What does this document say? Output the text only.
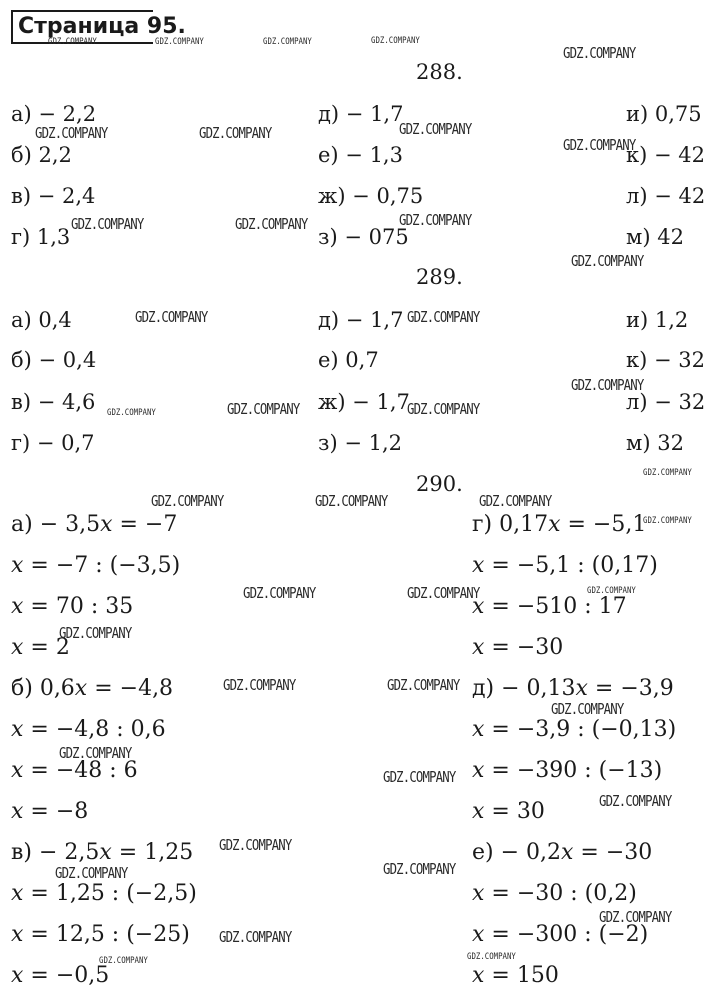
Страница 95.
288.
а) − 2,2	д) − 1,7	и) 0,75
б) 2,2	е) − 1,3	к) − 42
в) − 2,4	ж) − 0,75	л) − 42
г) 1,3	з) − 075	м) 42
289.
а) 0,4	д) − 1,7	и) 1,2
б) − 0,4	е) 0,7	к) − 32
в) − 4,6	ж) − 1,7	л) − 32
г) − 0,7	з) − 1,2	м) 32
290.
а) − 3,5𝑥 = −7
𝑥 = −7 : (−3,5)
𝑥 = 70 : 35
𝑥 = 2
б) 0,6𝑥 = −4,8
𝑥 = −4,8 : 0,6
𝑥 = −48 : 6
𝑥 = −8
в) − 2,5𝑥 = 1,25
𝑥 = 1,25 : (−2,5)
𝑥 = 12,5 : (−25)
𝑥 = −0,5
г) 0,17𝑥 = −5,1
𝑥 = −5,1 : (0,17)
𝑥 = −510 : 17
𝑥 = −30
д) − 0,13𝑥 = −3,9
𝑥 = −3,9 : (−0,13)
𝑥 = −390 : (−13)
𝑥 = 30
е) − 0,2𝑥 = −30
𝑥 = −30 : (0,2)
𝑥 = −300 : (−2)
𝑥 = 150
GDZ.COMPANY	GDZ.COMPANY	GDZ.COMPANY	GDZ.COMPANY
GDZ.COMPANY
GDZ.COMPANY	GDZ.COMPANY	GDZ.COMPANY
GDZ.COMPANY
GDZ.COMPANY	GDZ.COMPANY	GDZ.COMPANY
GDZ.COMPANY
GDZ.COMPANY	GDZ.COMPANY
GDZ.COMPANY
GDZ.COMPANY	GDZ.COMPANY	GDZ.COMPANY
GDZ.COMPANY
GDZ.COMPANY	GDZ.COMPANY	GDZ.COMPANY
GDZ.COMPANY
GDZ.COMPANY
GDZ.COMPANY	GDZ.COMPANY
GDZ.COMPANY
GDZ.COMPANY	GDZ.COMPANY
GDZ.COMPANY
GDZ.COMPANY
GDZ.COMPANY
GDZ.COMPANY
GDZ.COMPANY
GDZ.COMPANY	GDZ.COMPANY
GDZ.COMPANY
GDZ.COMPANY
GDZ.COMPANY	GDZ.COMPANY
